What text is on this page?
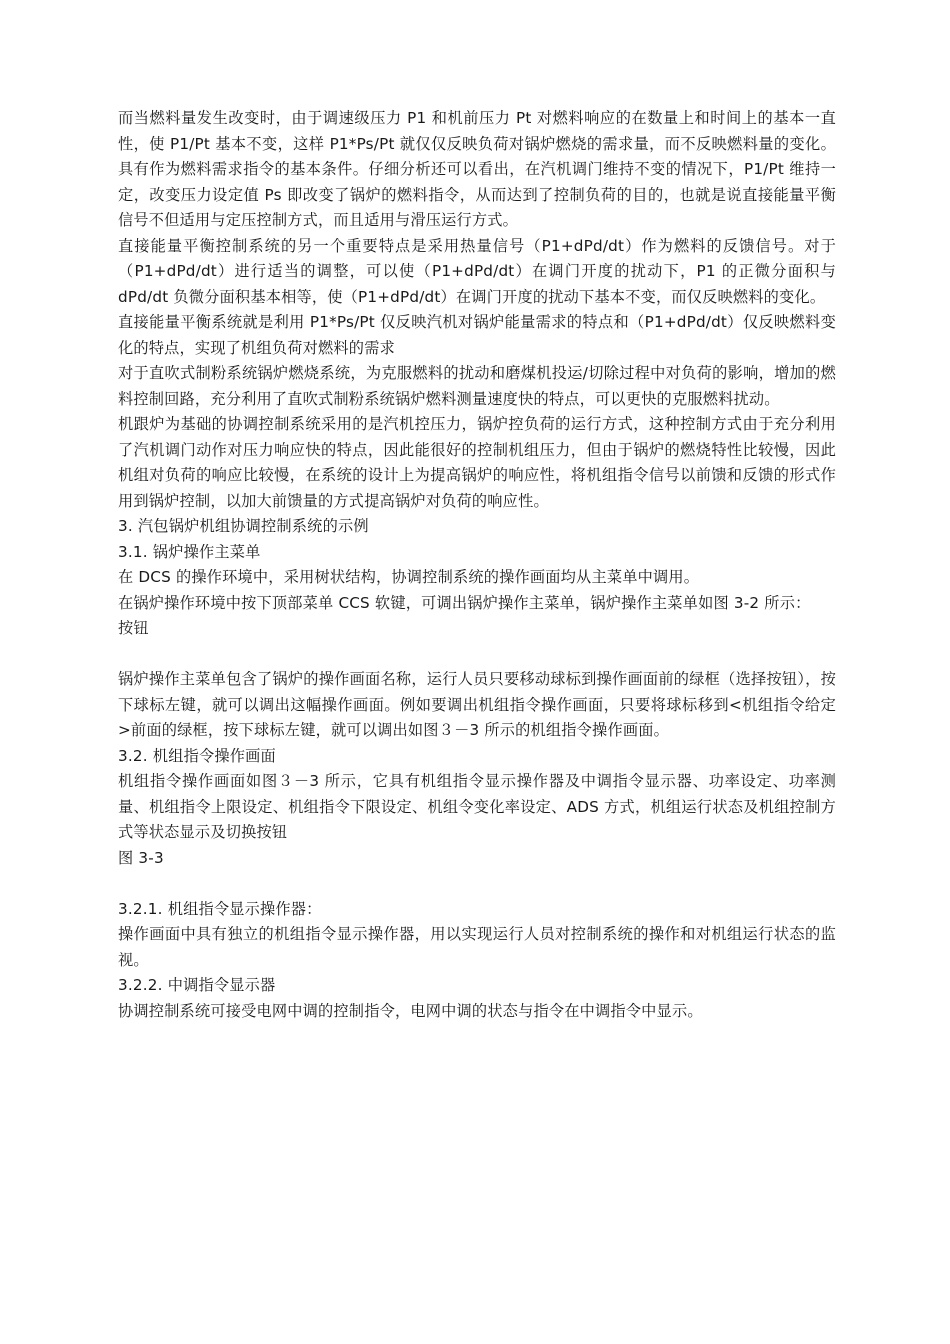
而当燃料量发生改变时，由于调速级压力 P1 和机前压力 Pt 对燃料响应的在数量上和时间上的基本一直性，使 P1/Pt 基本不变，这样 P1*Ps/Pt 就仅仅反映负荷对锅炉燃烧的需求量，而不反映燃料量的变化。具有作为燃料需求指令的基本条件。仔细分析还可以看出，在汽机调门维持不变的情况下，P1/Pt 维持一定，改变压力设定值 Ps 即改变了锅炉的燃料指令，从而达到了控制负荷的目的，也就是说直接能量平衡信号不但适用与定压控制方式，而且适用与滑压运行方式。

直接能量平衡控制系统的另一个重要特点是采用热量信号（P1+dPd/dt）作为燃料的反馈信号。对于（P1+dPd/dt）进行适当的调整，可以使（P1+dPd/dt）在调门开度的扰动下，P1 的正微分面积与 dPd/dt 负微分面积基本相等，使（P1+dPd/dt）在调门开度的扰动下基本不变，而仅反映燃料的变化。

直接能量平衡系统就是利用 P1*Ps/Pt 仅反映汽机对锅炉能量需求的特点和（P1+dPd/dt）仅反映燃料变化的特点，实现了机组负荷对燃料的需求

对于直吹式制粉系统锅炉燃烧系统，为克服燃料的扰动和磨煤机投运/切除过程中对负荷的影响，增加的燃料控制回路，充分利用了直吹式制粉系统锅炉燃料测量速度快的特点，可以更快的克服燃料扰动。

机跟炉为基础的协调控制系统采用的是汽机控压力，锅炉控负荷的运行方式，这种控制方式由于充分利用了汽机调门动作对压力响应快的特点，因此能很好的控制机组压力，但由于锅炉的燃烧特性比较慢，因此机组对负荷的响应比较慢，在系统的设计上为提高锅炉的响应性，将机组指令信号以前馈和反馈的形式作用到锅炉控制，以加大前馈量的方式提高锅炉对负荷的响应性。

3. 汽包锅炉机组协调控制系统的示例

3.1. 锅炉操作主菜单

在 DCS 的操作环境中，采用树状结构，协调控制系统的操作画面均从主菜单中调用。

在锅炉操作环境中按下顶部菜单 CCS 软键，可调出锅炉操作主菜单，锅炉操作主菜单如图 3-2 所示：

按钮

锅炉操作主菜单包含了锅炉的操作画面名称，运行人员只要移动球标到操作画面前的绿框（选择按钮），按下球标左键，就可以调出这幅操作画面。例如要调出机组指令操作画面，只要将球标移到<机组指令给定>前面的绿框，按下球标左键，就可以调出如图３－3 所示的机组指令操作画面。

3.2. 机组指令操作画面

机组指令操作画面如图３－3 所示，它具有机组指令显示操作器及中调指令显示器、功率设定、功率测量、机组指令上限设定、机组指令下限设定、机组令变化率设定、ADS 方式，机组运行状态及机组控制方式等状态显示及切换按钮

图 3-3

3.2.1. 机组指令显示操作器：

操作画面中具有独立的机组指令显示操作器，用以实现运行人员对控制系统的操作和对机组运行状态的监视。

3.2.2. 中调指令显示器

协调控制系统可接受电网中调的控制指令，电网中调的状态与指令在中调指令中显示。
